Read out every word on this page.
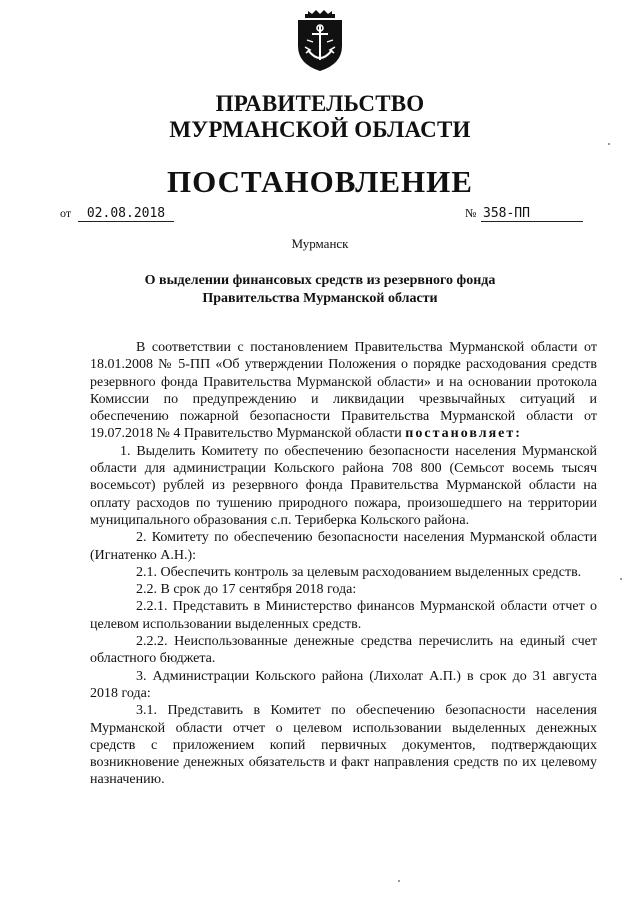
ПРАВИТЕЛЬСТВО
МУРМАНСКОЙ ОБЛАСТИ
ПОСТАНОВЛЕНИЕ
от	02.08.2018	№ 358-ПП
Мурманск
О выделении финансовых средств из резервного фонда
Правительства Мурманской области

В соответствии с постановлением Правительства Мурманской области от 18.01.2008 № 5-ПП «Об утверждении Положения о порядке расходования средств резервного фонда Правительства Мурманской области» и на основании протокола Комиссии по предупреждению и ликвидации чрезвычайных ситуаций и обеспечению пожарной безопасности Правительства Мурманской области от 19.07.2018 № 4 Правительство Мурманской области постановляет:

1. Выделить Комитету по обеспечению безопасности населения Мурманской области для администрации Кольского района 708 800 (Семьсот восемь тысяч восемьсот) рублей из резервного фонда Правительства Мурманской области на оплату расходов по тушению природного пожара, произошедшего на территории муниципального образования с.п. Териберка Кольского района.

2. Комитету по обеспечению безопасности населения Мурманской области (Игнатенко А.Н.):

2.1. Обеспечить контроль за целевым расходованием выделенных средств.

2.2. В срок до 17 сентября 2018 года:

2.2.1. Представить в Министерство финансов Мурманской области отчет о целевом использовании выделенных средств.

2.2.2. Неиспользованные денежные средства перечислить на единый счет областного бюджета.

3. Администрации Кольского района (Лихолат А.П.) в срок до 31 августа 2018 года:

3.1. Представить в Комитет по обеспечению безопасности населения Мурманской области отчет о целевом использовании выделенных денежных средств с приложением копий первичных документов, подтверждающих возникновение денежных обязательств и факт направления средств по их целевому назначению.
